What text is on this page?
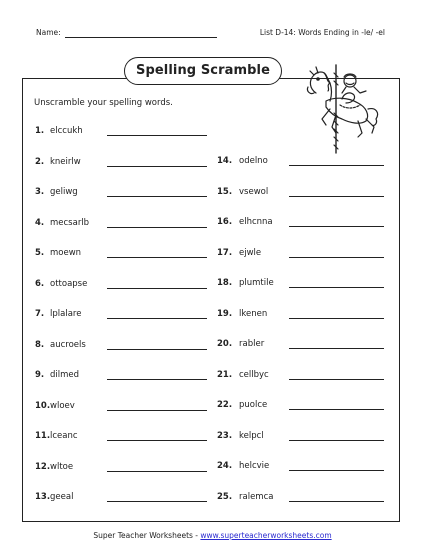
Name:	List D-14: Words Ending in -le/ -el
Spelling Scramble
Unscramble your spelling words.
1. elccukh
2. kneirlw
3. geliwg
4. mecsarlb
5. moewn
6. ottoapse
7. lplalare
8. aucroels
9. dilmed
10.wloev
11.lceanc
12.wltoe
13.geeal
14. odelno
15. vsewol
16. elhcnna
17. ejwle
18. plumtile
19. lkenen
20. rabler
21. cellbyc
22. puolce
23. kelpcl
24. helcvie
25. ralemca
Super Teacher Worksheets - www.superteacherworksheets.com
